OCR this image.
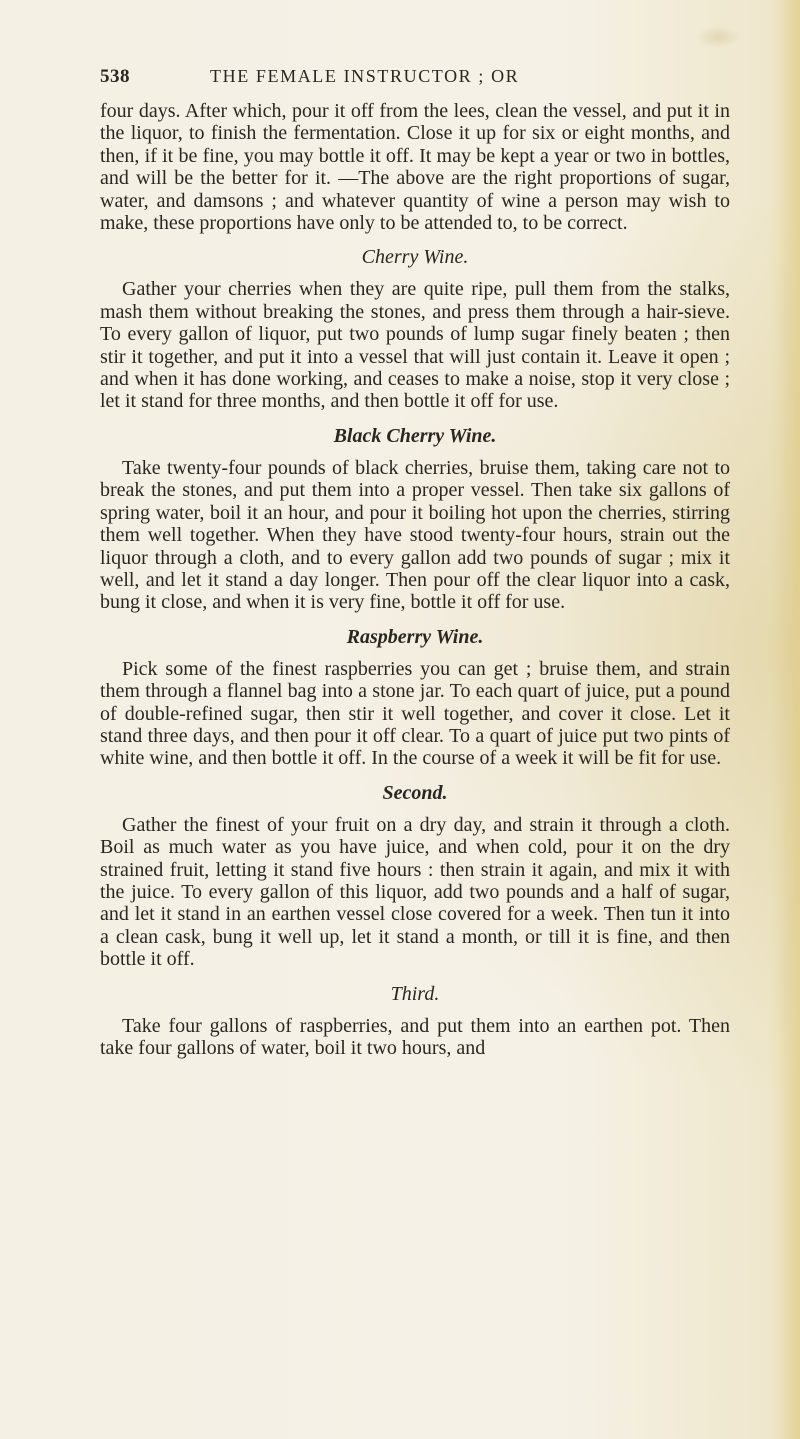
538	THE FEMALE INSTRUCTOR ; OR

four days. After which, pour it off from the lees, clean the vessel, and put it in the liquor, to finish the fermentation. Close it up for six or eight months, and then, if it be fine, you may bottle it off. It may be kept a year or two in bottles, and will be the better for it. —The above are the right proportions of sugar, water, and damsons ; and whatever quantity of wine a person may wish to make, these proportions have only to be attended to, to be correct.

Cherry Wine.

Gather your cherries when they are quite ripe, pull them from the stalks, mash them without breaking the stones, and press them through a hair-sieve. To every gallon of liquor, put two pounds of lump sugar finely beaten ; then stir it together, and put it into a vessel that will just contain it. Leave it open ; and when it has done working, and ceases to make a noise, stop it very close ; let it stand for three months, and then bottle it off for use.

Black Cherry Wine.

Take twenty-four pounds of black cherries, bruise them, taking care not to break the stones, and put them into a proper vessel. Then take six gallons of spring water, boil it an hour, and pour it boiling hot upon the cherries, stirring them well together. When they have stood twenty-four hours, strain out the liquor through a cloth, and to every gallon add two pounds of sugar ; mix it well, and let it stand a day longer. Then pour off the clear liquor into a cask, bung it close, and when it is very fine, bottle it off for use.

Raspberry Wine.

Pick some of the finest raspberries you can get ; bruise them, and strain them through a flannel bag into a stone jar. To each quart of juice, put a pound of double-refined sugar, then stir it well together, and cover it close. Let it stand three days, and then pour it off clear. To a quart of juice put two pints of white wine, and then bottle it off. In the course of a week it will be fit for use.

Second.

Gather the finest of your fruit on a dry day, and strain it through a cloth. Boil as much water as you have juice, and when cold, pour it on the dry strained fruit, letting it stand five hours : then strain it again, and mix it with the juice. To every gallon of this liquor, add two pounds and a half of sugar, and let it stand in an earthen vessel close covered for a week. Then tun it into a clean cask, bung it well up, let it stand a month, or till it is fine, and then bottle it off.

Third.

Take four gallons of raspberries, and put them into an earthen pot. Then take four gallons of water, boil it two hours, and
